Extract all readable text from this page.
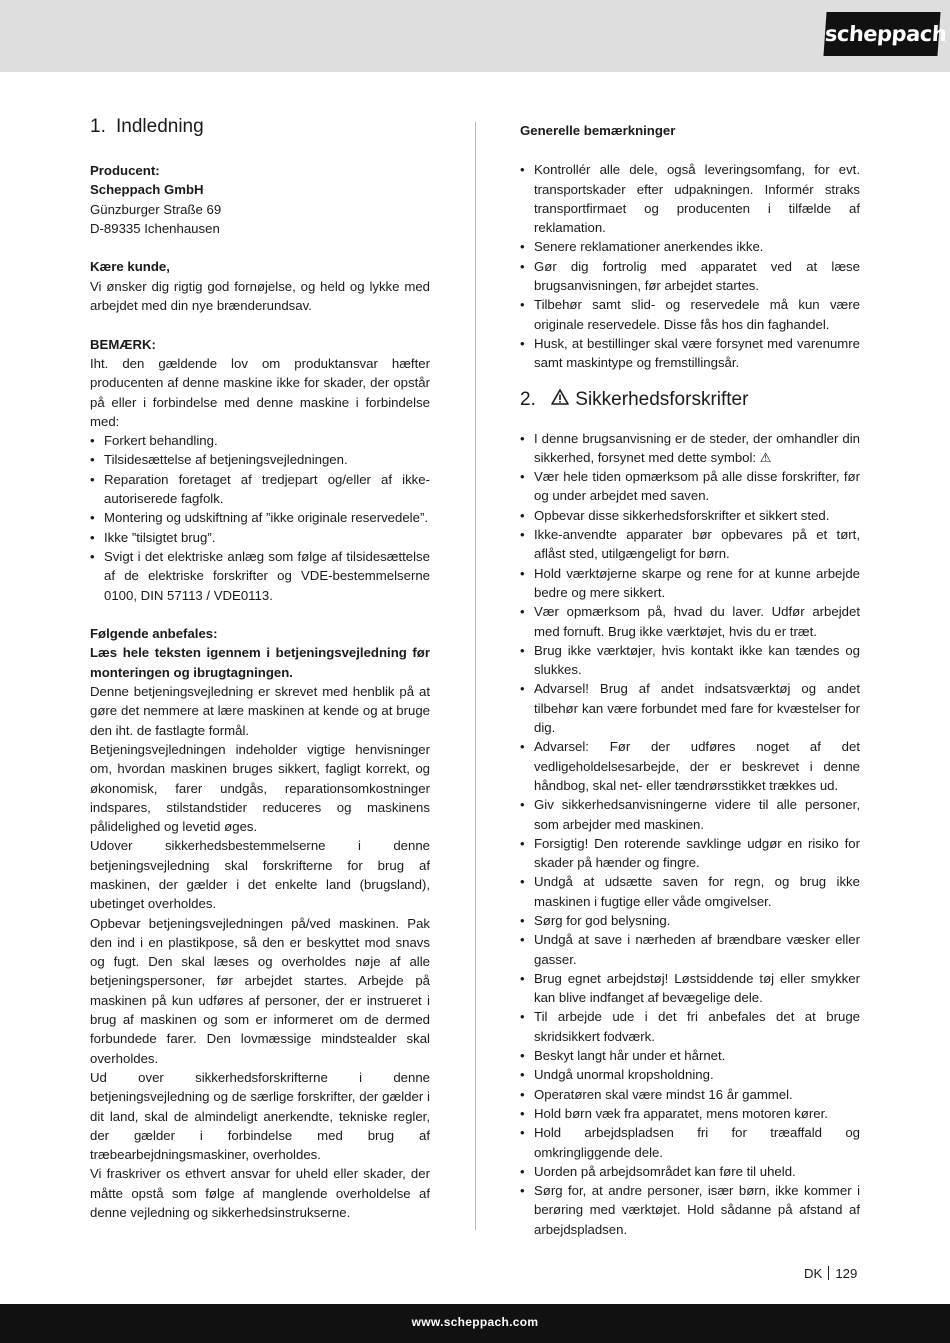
scheppach
1. Indledning

Producent:

Scheppach GmbH

Günzburger Straße 69

D-89335 Ichenhausen

Kære kunde,

Vi ønsker dig rigtig god fornøjelse, og held og lykke med arbejdet med din nye brænderundsav.

BEMÆRK:

Iht. den gældende lov om produktansvar hæfter producenten af denne maskine ikke for skader, der opstår på eller i forbindelse med denne maskine i forbindelse med:

• Forkert behandling.
• Tilsidesættelse af betjeningsvejledningen.
• Reparation foretaget af tredjepart og/eller af ikke-autoriserede fagfolk.
• Montering og udskiftning af ”ikke originale reservedele”.
• Ikke ”tilsigtet brug”.
• Svigt i det elektriske anlæg som følge af tilsidesættelse af de elektriske forskrifter og VDE-bestemmelserne 0100, DIN 57113 / VDE0113.

Følgende anbefales:

Læs hele teksten igennem i betjeningsvejledning før monteringen og ibrugtagningen.

Denne betjeningsvejledning er skrevet med henblik på at gøre det nemmere at lære maskinen at kende og at bruge den iht. de fastlagte formål.

Betjeningsvejledningen indeholder vigtige henvisninger om, hvordan maskinen bruges sikkert, fagligt korrekt, og økonomisk, farer undgås, reparationsomkostninger indspares, stilstandstider reduceres og maskinens pålidelighed og levetid øges.

Udover sikkerhedsbestemmelserne i denne betjeningsvejledning skal forskrifterne for brug af maskinen, der gælder i det enkelte land (brugsland), ubetinget overholdes.

Opbevar betjeningsvejledningen på/ved maskinen. Pak den ind i en plastikpose, så den er beskyttet mod snavs og fugt. Den skal læses og overholdes nøje af alle betjeningspersoner, før arbejdet startes. Arbejde på maskinen på kun udføres af personer, der er instrueret i brug af maskinen og som er informeret om de dermed forbundede farer. Den lovmæssige mindstealder skal overholdes.

Ud over sikkerhedsforskrifterne i denne betjeningsvejledning og de særlige forskrifter, der gælder i dit land, skal de almindeligt anerkendte, tekniske regler, der gælder i forbindelse med brug af træbearbejdningsmaskiner, overholdes.

Vi fraskriver os ethvert ansvar for uheld eller skader, der måtte opstå som følge af manglende overholdelse af denne vejledning og sikkerhedsinstrukserne.

Generelle bemærkninger

• Kontrollér alle dele, også leveringsomfang, for evt. transportskader efter udpakningen. Informér straks transportfirmaet og producenten i tilfælde af reklamation.
• Senere reklamationer anerkendes ikke.
• Gør dig fortrolig med apparatet ved at læse brugsanvisningen, før arbejdet startes.
• Tilbehør samt slid- og reservedele må kun være originale reservedele. Disse fås hos din faghandel.
• Husk, at bestillinger skal være forsynet med varenumre samt maskintype og fremstillingsår.
2. Sikkerhedsforskrifter
• I denne brugsanvisning er de steder, der omhandler din sikkerhed, forsynet med dette symbol: ⚠
• Vær hele tiden opmærksom på alle disse forskrifter, før og under arbejdet med saven.
• Opbevar disse sikkerhedsforskrifter et sikkert sted.
• Ikke-anvendte apparater bør opbevares på et tørt, aflåst sted, utilgængeligt for børn.
• Hold værktøjerne skarpe og rene for at kunne arbejde bedre og mere sikkert.
• Vær opmærksom på, hvad du laver. Udfør arbejdet med fornuft. Brug ikke værktøjet, hvis du er træt.
• Brug ikke værktøjer, hvis kontakt ikke kan tændes og slukkes.
• Advarsel! Brug af andet indsatsværktøj og andet tilbehør kan være forbundet med fare for kvæstelser for dig.
• Advarsel: Før der udføres noget af det vedligeholdelsesarbejde, der er beskrevet i denne håndbog, skal net- eller tændrørsstikket trækkes ud.
• Giv sikkerhedsanvisningerne videre til alle personer, som arbejder med maskinen.
• Forsigtig! Den roterende savklinge udgør en risiko for skader på hænder og fingre.
• Undgå at udsætte saven for regn, og brug ikke maskinen i fugtige eller våde omgivelser.
• Sørg for god belysning.
• Undgå at save i nærheden af brændbare væsker eller gasser.
• Brug egnet arbejdstøj! Løstsiddende tøj eller smykker kan blive indfanget af bevægelige dele.
• Til arbejde ude i det fri anbefales det at bruge skridsikkert fodværk.
• Beskyt langt hår under et hårnet.
• Undgå unormal kropsholdning.
• Operatøren skal være mindst 16 år gammel.
• Hold børn væk fra apparatet, mens motoren kører.
• Hold arbejdspladsen fri for træaffald og omkringliggende dele.
• Uorden på arbejdsområdet kan føre til uheld.
• Sørg for, at andre personer, især børn, ikke kommer i berøring med værktøjet. Hold sådanne på afstand af arbejdspladsen.
DK 129
www.scheppach.com
